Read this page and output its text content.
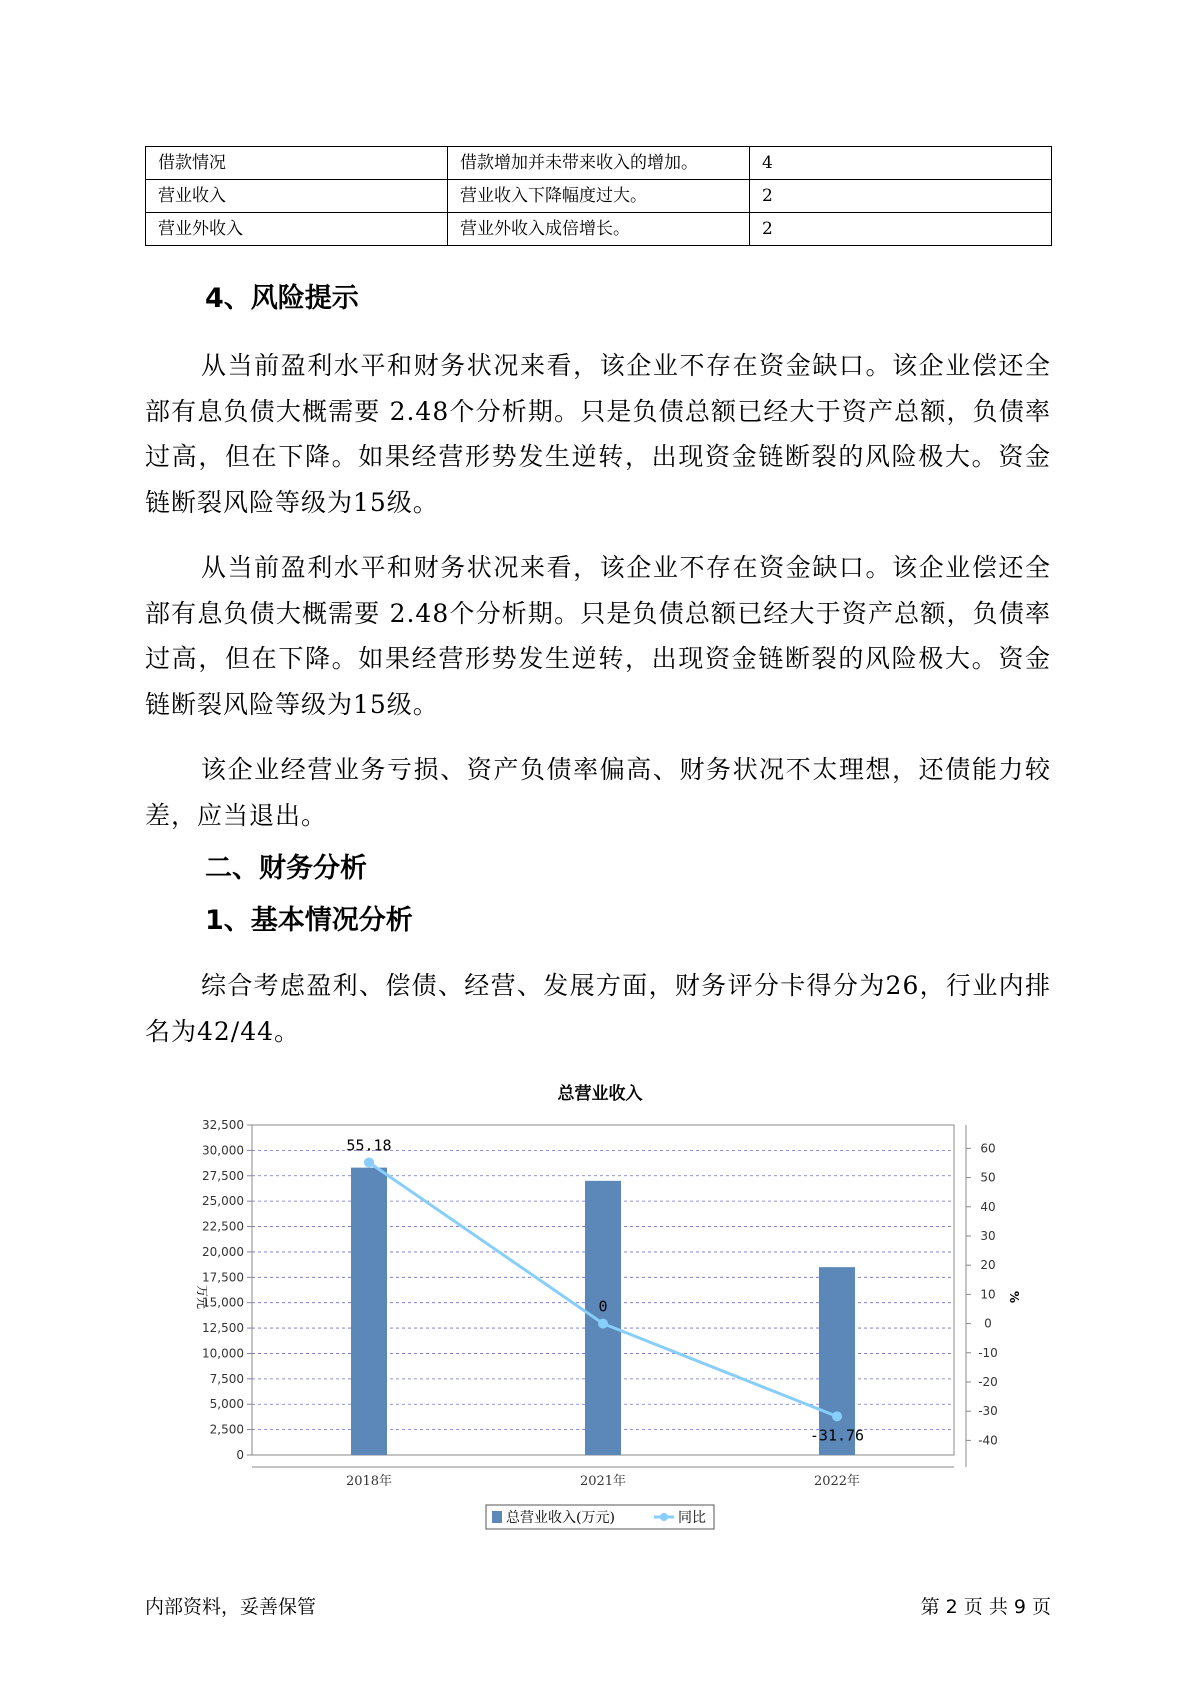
借款情况	借款增加并未带来收入的增加。	4
营业收入	营业收入下降幅度过大。	2
营业外收入	营业外收入成倍增长。	2
4、风险提示

从当前盈利水平和财务状况来看，该企业不存在资金缺口。该企业偿还全部有息负债大概需要 2.48个分析期。只是负债总额已经大于资产总额，负债率过高，但在下降。如果经营形势发生逆转，出现资金链断裂的风险极大。资金链断裂风险等级为15级。

从当前盈利水平和财务状况来看，该企业不存在资金缺口。该企业偿还全部有息负债大概需要 2.48个分析期。只是负债总额已经大于资产总额，负债率过高，但在下降。如果经营形势发生逆转，出现资金链断裂的风险极大。资金链断裂风险等级为15级。

该企业经营业务亏损、资产负债率偏高、财务状况不太理想，还债能力较差，应当退出。

二、财务分析
1、基本情况分析

综合考虑盈利、偿债、经营、发展方面，财务评分卡得分为26，行业内排名为42/44。

总营业收入
0
2,500
5,000
7,500
10,000
12,500
15,000
17,500
20,000
22,500
25,000
27,500
30,000
32,500
-40
-30
-20
-10
0
10
20
30
40
50
60
万元	%
2018年	2021年	2022年
55.18
0
-31.76
总营业收入(万元)	同比
内部资料，妥善保管	第 2 页 共 9 页
